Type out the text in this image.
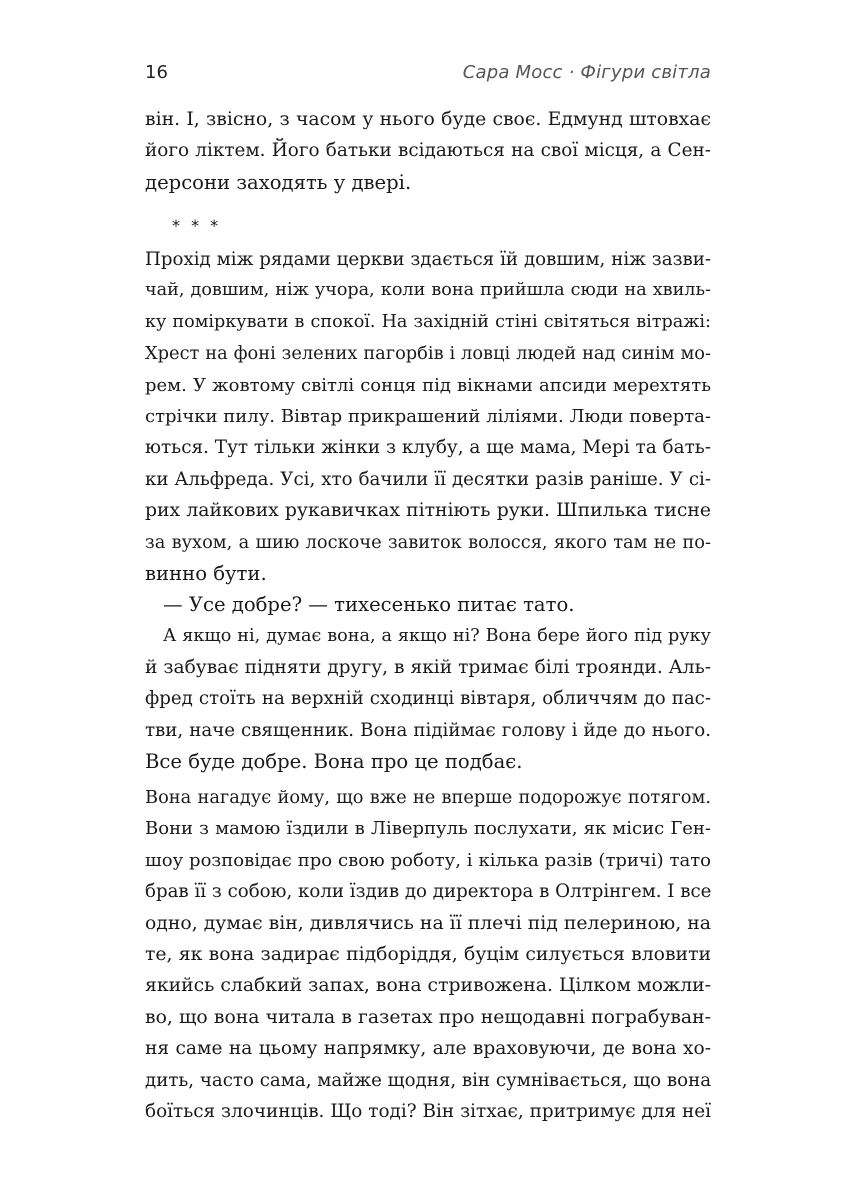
16	Сара Мосс · Фігури світла
він. І, звісно, з часом у нього буде своє. Едмунд штовхає
його ліктем. Його батьки всідаються на свої місця, а Сен-
дерсони заходять у двері.
* * *
Прохід між рядами церкви здається їй довшим, ніж зазви-
чай, довшим, ніж учора, коли вона прийшла сюди на хвиль-
ку поміркувати в спокої. На західній стіні світяться вітражі:
Хрест на фоні зелених пагорбів і ловці людей над синім мо-
рем. У жовтому світлі сонця під вікнами апсиди мерехтять
стрічки пилу. Вівтар прикрашений ліліями. Люди поверта-
ються. Тут тільки жінки з клубу, а ще мама, Мері та бать-
ки Альфреда. Усі, хто бачили її десятки разів раніше. У сі-
рих лайкових рукавичках пітніють руки. Шпилька тисне
за вухом, а шию лоскоче завиток волосся, якого там не по-
винно бути.
— Усе добре? — тихесенько питає тато.
А якщо ні, думає вона, а якщо ні? Вона бере його під руку
й забуває підняти другу, в якій тримає білі троянди. Аль-
фред стоїть на верхній сходинці вівтаря, обличчям до пас-
тви, наче священник. Вона підіймає голову і йде до нього.
Все буде добре. Вона про це подбає.
Вона нагадує йому, що вже не вперше подорожує потягом.
Вони з мамою їздили в Ліверпуль послухати, як місис Ген-
шоу розповідає про свою роботу, і кілька разів (тричі) тато
брав її з собою, коли їздив до директора в Олтрінгем. І все
одно, думає він, дивлячись на її плечі під пелериною, на
те, як вона задирає підборіддя, буцім силується вловити
якийсь слабкий запах, вона стривожена. Цілком можли-
во, що вона читала в газетах про нещодавні пограбуван-
ня саме на цьому напрямку, але враховуючи, де вона хо-
дить, часто сама, майже щодня, він сумнівається, що вона
боїться злочинців. Що тоді? Він зітхає, притримує для неї
